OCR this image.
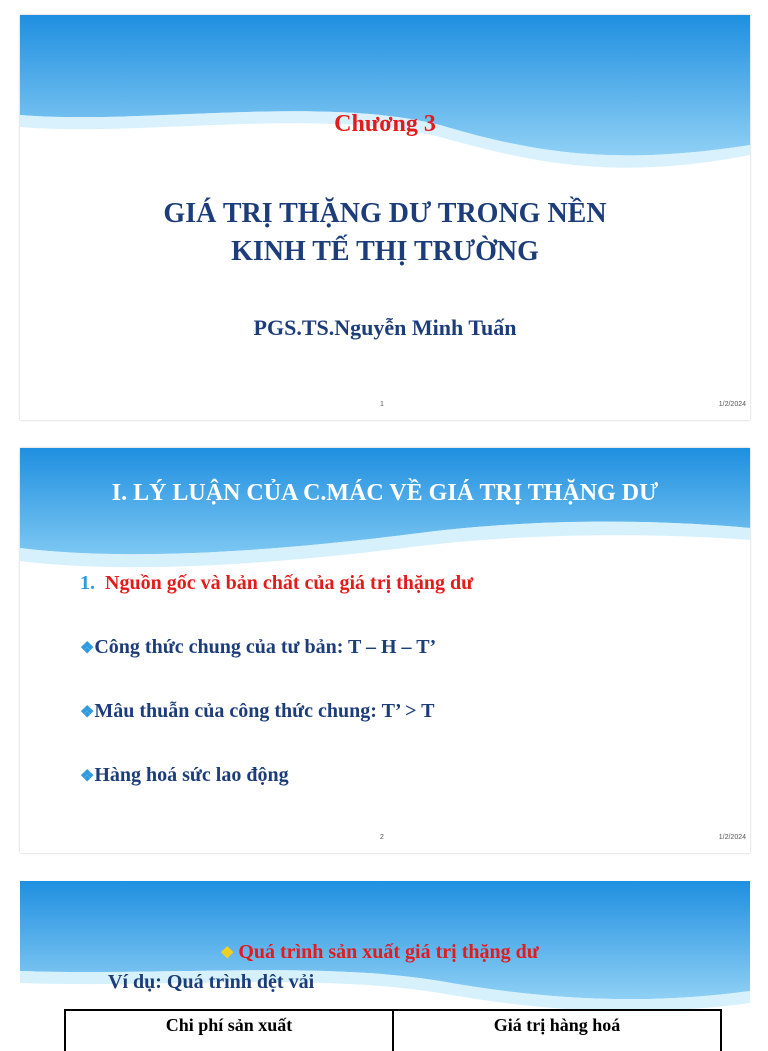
Chương 3
GIÁ TRỊ THẶNG DƯ TRONG NỀN
KINH TẾ THỊ TRƯỜNG
PGS.TS.Nguyễn Minh Tuấn
1	1/2/2024
I. LÝ LUẬN CỦA C.MÁC VỀ GIÁ TRỊ THẶNG DƯ
1. Nguồn gốc và bản chất của giá trị thặng dư
❖Công thức chung của tư bản: T – H – T’
❖Mâu thuẫn của công thức chung: T’ > T
❖Hàng hoá sức lao động
2	1/2/2024
❖ Quá trình sản xuất giá trị thặng dư
Ví dụ: Quá trình dệt vải
Chi phí sản xuất	Giá trị hàng hoá
